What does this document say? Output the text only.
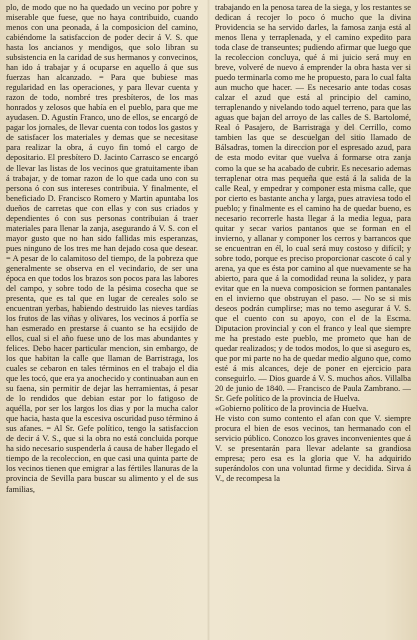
plo, de modo que no ha quedado un vecino por pobre y miserable que fuese, que no haya contribuido, cuando menos con una peonada, á la composicion del camino, cabiéndome la satisfaccion de poder decir á V. S. que hasta los ancianos y mendigos, que solo libran su subsistencia en la caridad de sus hermanos y convecinos, han ido á trabajar y á ocuparse en aquello á que sus fuerzas han alcanzado. = Para que bubiese mas regularidad en las operaciones, y para llevar cuenta y razon de todo, nombré tres presbíteros, de los mas honrados y zelosos que había en el pueblo, para que me ayudasen. D. Agustín Franco, uno de ellos, se encargó de pagar los jornales, de llevar cuenta con todos los gastos y de satisfacer los materiales y demas que se necesitase para realizar la obra, á cuyo fin tomó el cargo de depositario. El presbítero D. Jacinto Carrasco se encargó de llevar las listas de los vecinos que gratuitamente iban á trabajar, y de tomar razon de lo que cada uno con su persona ó con sus intereses contribuia. Y finalmente, el beneficiado D. Francisco Romero y Martin apuntaba los dueños de carretas que con ellas y con sus criados y dependientes ó con sus personas contribuian á traer materiales para llenar la zanja, asegurando á V. S. con el mayor gusto que no han sido fallidas mis esperanzas, pues ninguno de los tres me han dejado cosa que desear. = A pesar de lo calamitoso del tiempo, de la pobreza que generalmente se observa en el vecindario, de ser una época en que todos los brazos son pocos para las labores del campo, y sobre todo de la pésima cosecha que se presenta, que es tal que en lugar de cereales solo se encuentran yerbas, habiendo destruido las nieves tardías los frutos de las viñas y olivares, los vecinos á porfía se han esmerado en prestarse á cuanto se ha ecsijido de ellos, cual si el año fuese uno de los mas abundantes y felices. Debo hacer particular mencion, sin embargo, de los que habitan la calle que llaman de Barristraga, los cuales se cebaron en tales términos en el trabajo el dia que les tocó, que era ya anochecido y continuaban aun en su faena, sin permitir de dejar las herramientas, á pesar de lo rendidos que debian estar por lo fatigoso de aquélla, por ser los largos los dias y por la mucha calor que hacia, hasta que la escesiva oscuridad puso término á sus afanes. = Al Sr. Gefe político, tengo la satisfaccion de decir á V. S., que si la obra no está concluida porque ha sido necesario suspenderla á causa de haber llegado el tiempo de la recoleccion, en que casi una quinta parte de los vecinos tienen que emigrar a las fértiles llanuras de la provincia de Sevilla para buscar su alimento y el de sus familias,
trabajando en la penosa tarea de la siega, y los restantes se dedican á recojer lo poco ó mucho que la divina Providencia se ha servido darles, la famosa zanja está al menos llena y terraplenada, y el camino expedito para toda clase de transeuntes; pudiendo afirmar que luego que la recoleccion concluya, qué á mi juicio será muy en breve, volveré de nuevo á emprender la obra hasta ver si puedo terminarla como me he propuesto, para lo cual falta aun mucho que hacer. — Es necesario ante todas cosas calzar el azud que está al principio del camino, terraplenando y nivelando todo aquel terreno, para que las aguas que bajan del arroyo de las calles de S. Bartolomé, Real ó Pasajero, de Barristraga y del Cerrillo, como tambien las que se descuelgan del sitio llamado de Bálsadras, tomen la direccion por el espresado azud, para de esta modo evitar que vuelva á formarse otra zanja como la que se ha acabado de cubrir. Es necesario ademas terraplenar otra mas pequeña que está á la salida de la calle Real, y empedrar y componer esta misma calle, que por cierto es bastante ancha y larga, pues atraviesa todo el pueblo; y finalmente es el camino ha de quedar bueno, es necesario recorrerle hasta llegar á la media legua, para quitar y secar varios pantanos que se forman en el invierno, y allanar y componer los cerros y barrancos que se encuentran en él, lo cual será muy costoso y difícil; y sobre todo, porque es preciso proporcionar cascote ó cal y arena, ya que es ésta por camino al que nuevamente se ha abierto, para que á la comodidad reuna la solidez, y para evitar que en la nueva composicion se formen pantanales en el invierno que obstruyan el paso. — No se si mis deseos podrán cumplirse; mas no temo asegurar á V. S. que el cuento con su apoyo, con el de la Escma. Diputacion provincial y con el franco y leal que siempre me ha prestado este pueblo, me prometo que han de quedar realizados; y de todos modos, lo que si aseguro es, que por mi parte no ha de quedar medio alguno que, como esté á mis alcances, deje de poner en ejercicio para conseguirlo. — Dios guarde á V. S. muchos años. Villalba 20 de junio de 1840. — Francisco de Paula Zambrano. — Sr. Gefe político de la provincia de Huelva.
«Gobierno político de la provincia de Huelva.
He visto con sumo contento el afan con que V. siempre procura el bien de esos vecinos, tan hermanado con el servicio público. Conozco los graves inconvenientes que á V. se presentarán para llevar adelante sa grandiosa empresa; pero esa es la gloria que V. ha adquirido superándolos con una voluntad firme y decidida. Sirva á V., de recompesa la
